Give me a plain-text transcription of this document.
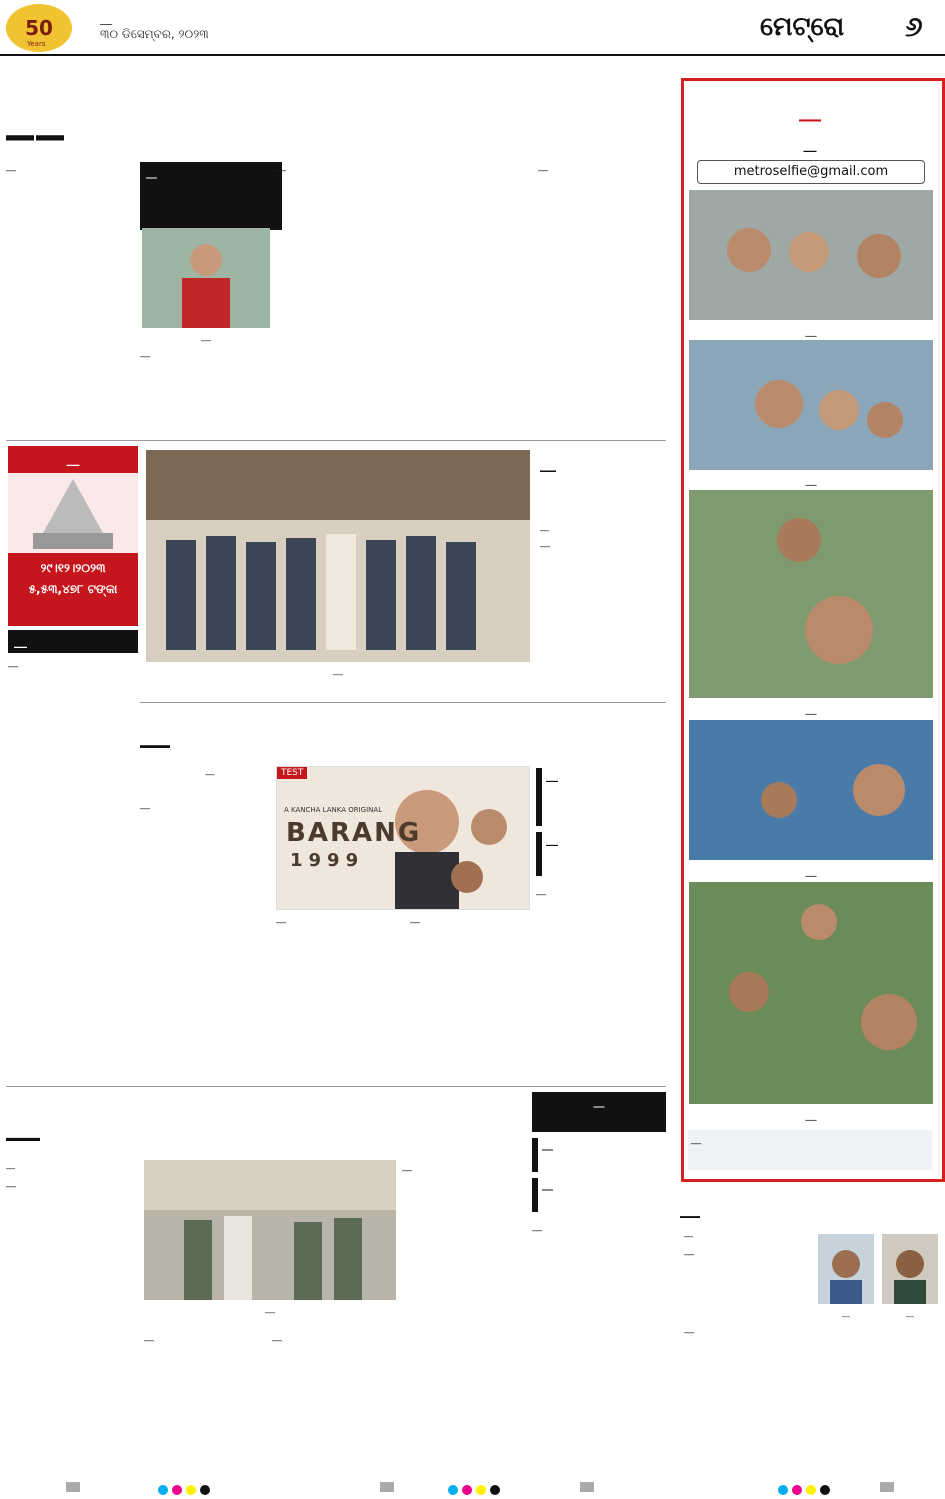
50
Years
__
୩୦ ଡିସେମ୍ବର, ୨୦୨୩	ମେଟ୍ରୋ ୬
__
__	__
__
__
__	__
__
୨୯।୧୨।୨୦୨୩
୫,୫୩,୪୭୮ ଟଙ୍କା
__
__
__
__
__
__
__
__
__
TEST
A KANCHA LANKA ORIGINAL
BARANG
1999
__
__
__	__
__
__
__
__
__
__
__
__
__	__
__
__
__
__
metroselfie@gmail.com
__
__
__
__
__
__
__
__
__
__	__
__
